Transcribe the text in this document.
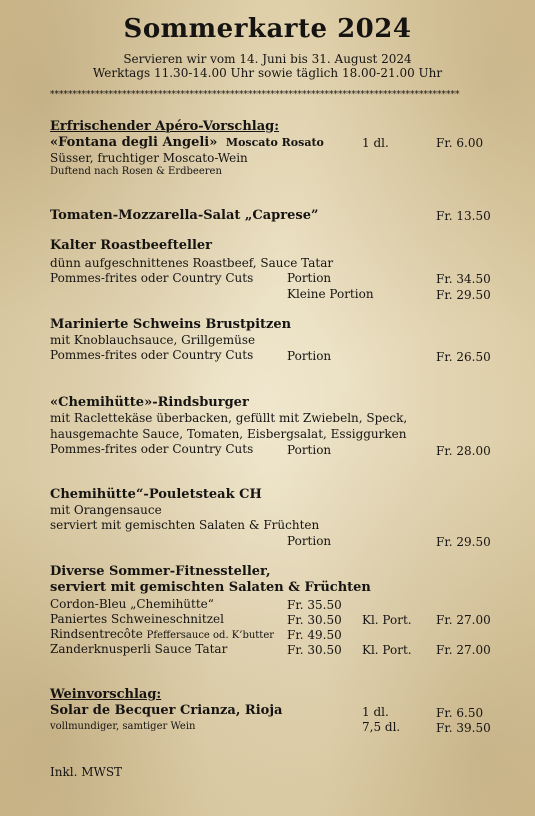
Sommerkarte 2024
Servieren wir vom 14. Juni bis 31. August 2024
Werktags 11.30-14.00 Uhr sowie täglich 18.00-21.00 Uhr
*******************************************************************************************
Erfrischender Apéro-Vorschlag:
«Fontana degli Angeli» Moscato Rosato	1 dl.	Fr. 6.00
Süsser, fruchtiger Moscato-Wein
Duftend nach Rosen & Erdbeeren
Tomaten-Mozzarella-Salat „Caprese”	Fr. 13.50
Kalter Roastbeefteller
dünn aufgeschnittenes Roastbeef, Sauce Tatar
Pommes-frites oder Country Cuts	Portion	Fr. 34.50
Kleine Portion	Fr. 29.50
Marinierte Schweins Brustpitzen
mit Knoblauchsauce, Grillgemüse
Pommes-frites oder Country Cuts	Portion	Fr. 26.50
«Chemihütte»-Rindsburger
mit Raclettekäse überbacken, gefüllt mit Zwiebeln, Speck,
hausgemachte Sauce, Tomaten, Eisbergsalat, Essiggurken
Pommes-frites oder Country Cuts	Portion	Fr. 28.00
Chemihütte“-Pouletsteak CH
mit Orangensauce
serviert mit gemischten Salaten & Früchten
Portion	Fr. 29.50
Diverse Sommer-Fitnessteller,
serviert mit gemischten Salaten & Früchten
Cordon-Bleu „Chemihütte“	Fr. 35.50
Paniertes Schweineschnitzel	Fr. 30.50 Kl. Port. Fr. 27.00
Rindsentrecôte Pfeffersauce od. K’butter Fr. 49.50
Zanderknusperli Sauce Tatar	Fr. 30.50 Kl. Port. Fr. 27.00
Weinvorschlag:
Solar de Becquer Crianza, Rioja	1 dl.	Fr. 6.50
vollmundiger, samtiger Wein	7,5 dl.	Fr. 39.50
Inkl. MWST
